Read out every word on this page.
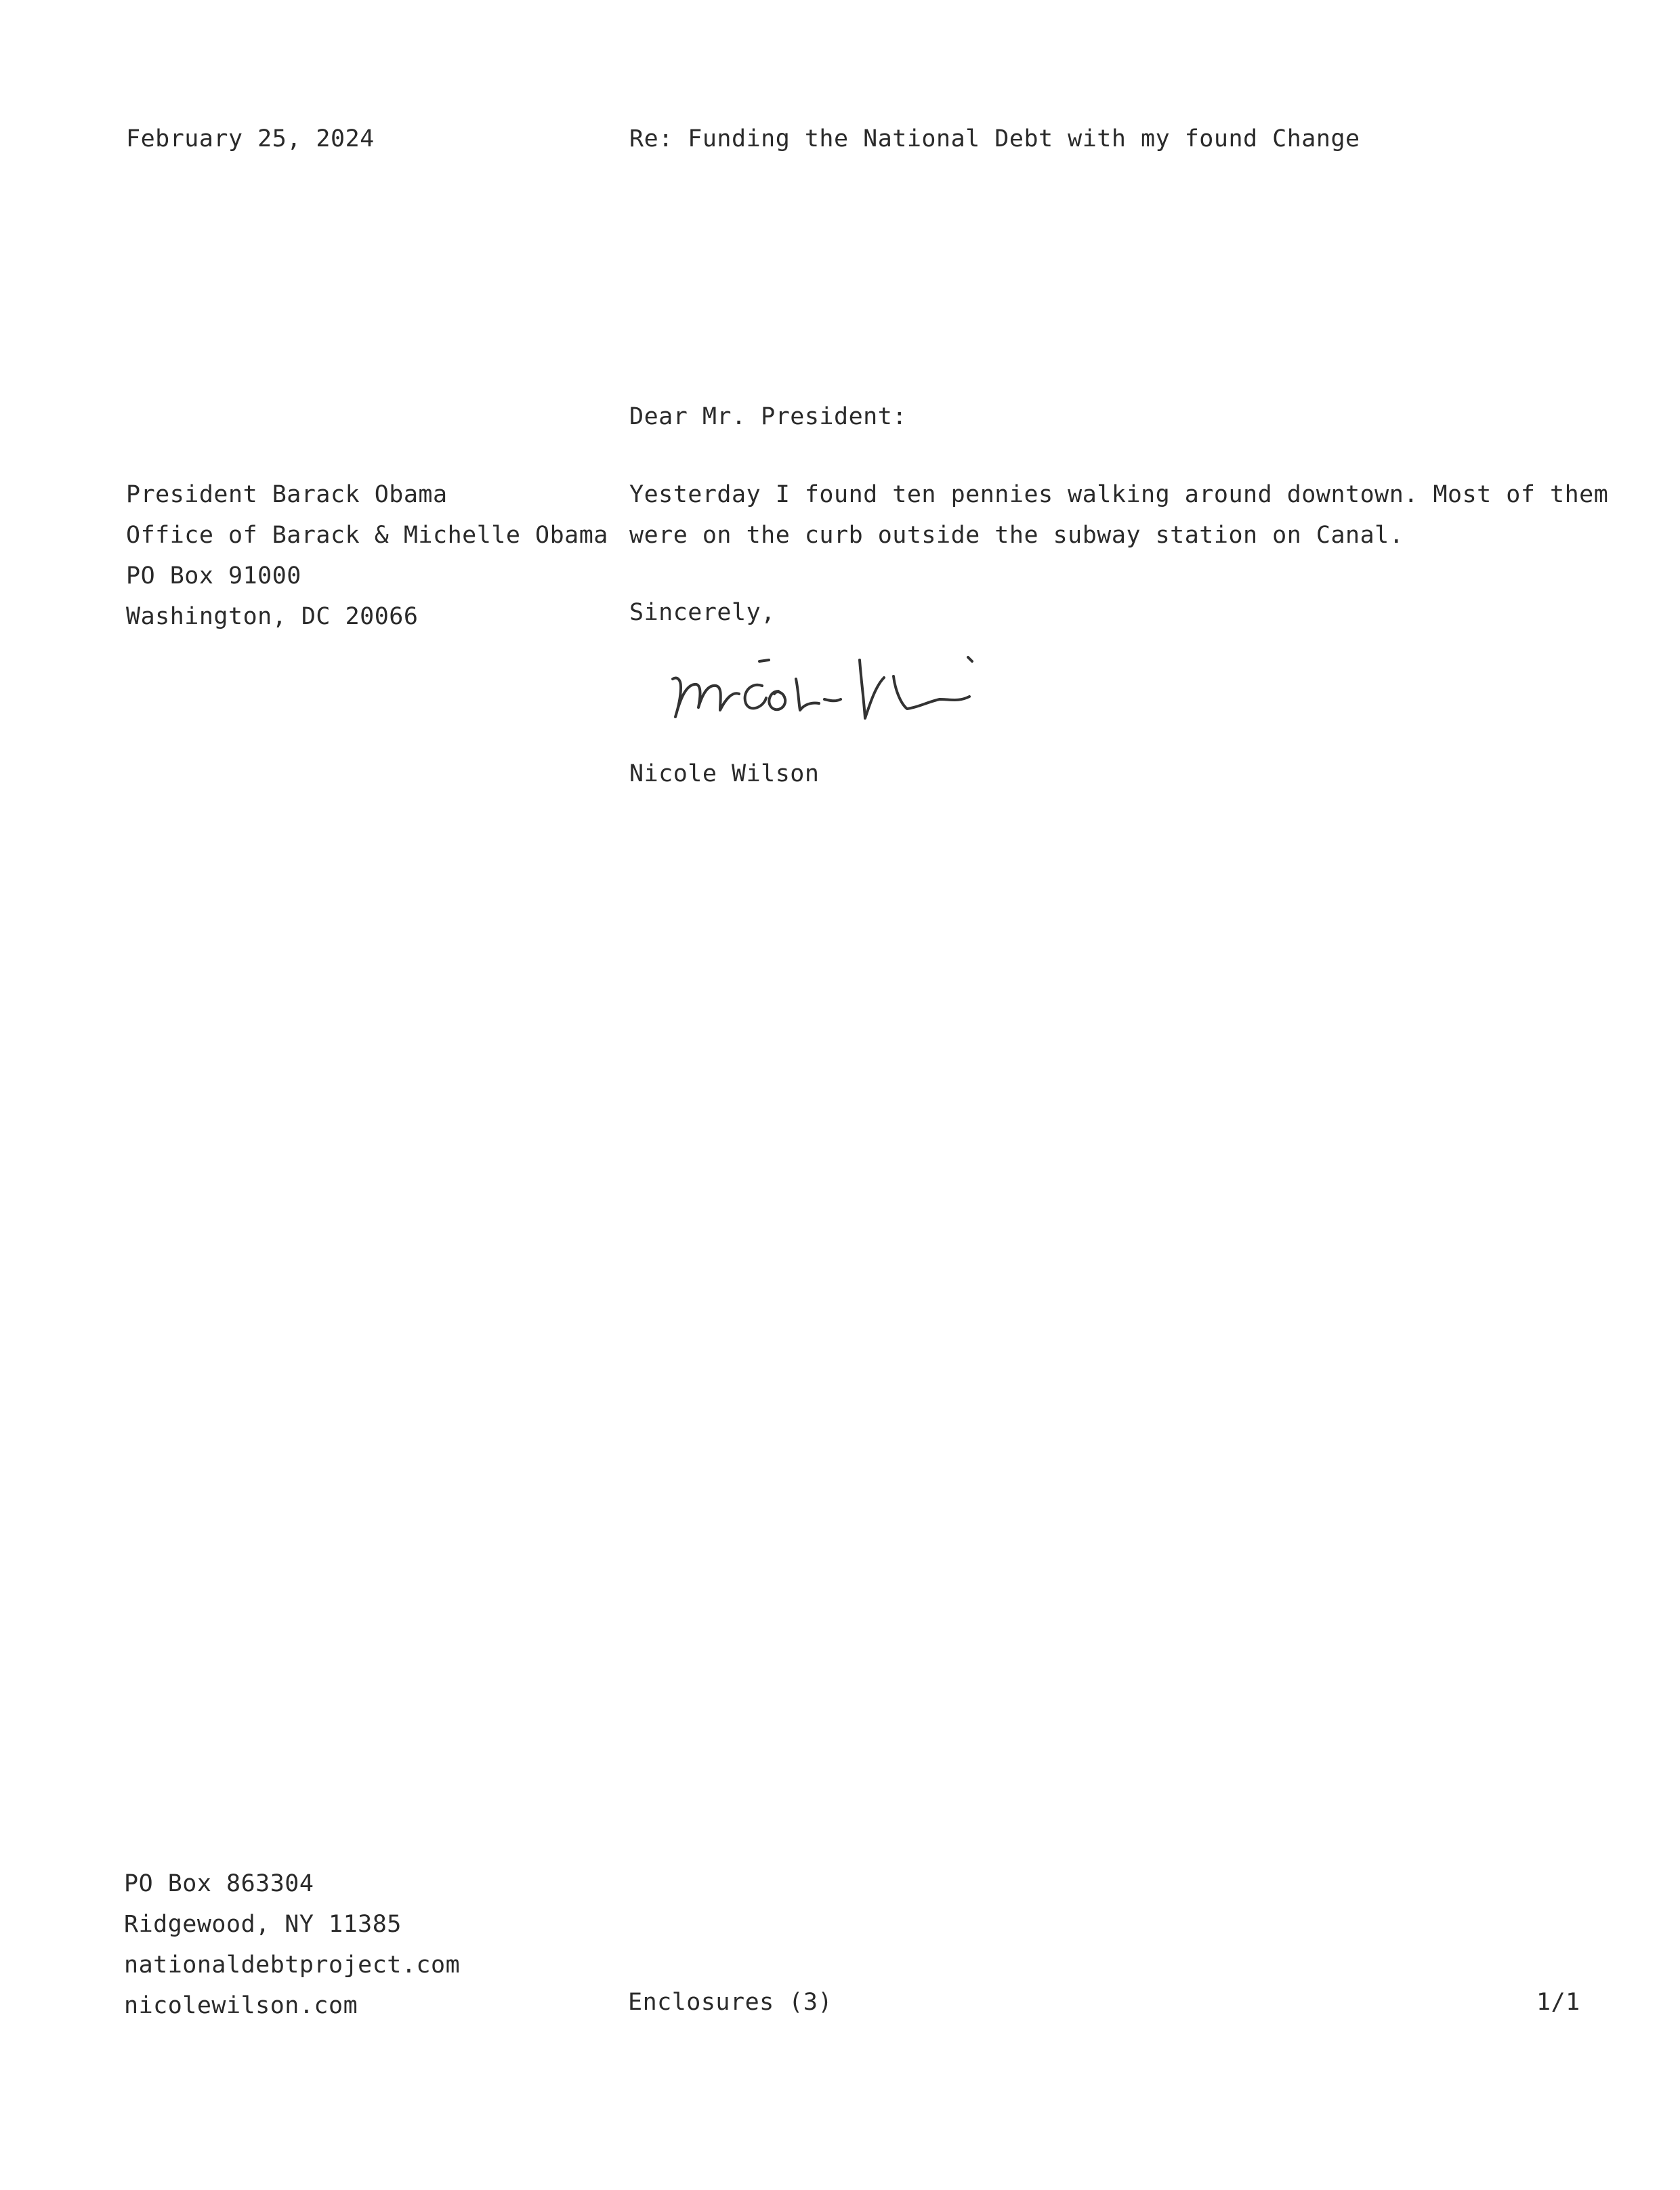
February 25, 2024	Re: Funding the National Debt with my found Change

Dear Mr. President:

President Barack Obama
Office of Barack & Michelle Obama
PO Box 91000
Washington, DC 20066
Yesterday I found ten pennies walking around downtown. Most of them
were on the curb outside the subway station on Canal.

Sincerely,

Nicole Wilson

PO Box 863304
Ridgewood, NY 11385
nationaldebtproject.com
nicolewilson.com	Enclosures (3)	1/1
